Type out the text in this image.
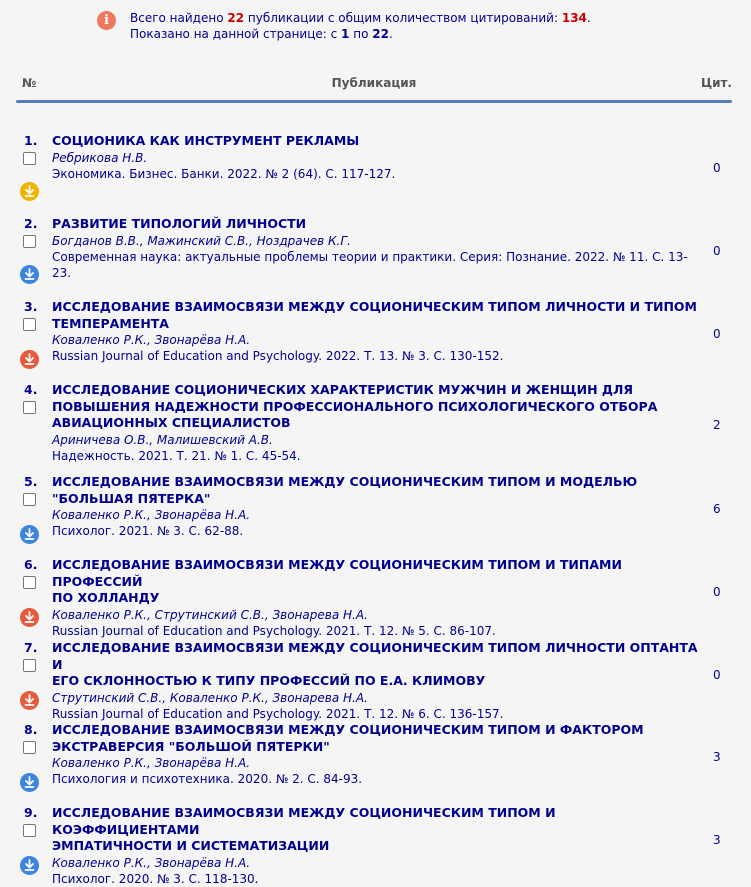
i	Всего найдено 22 публикации с общим количеством цитирований: 134.
Показано на данной странице: с 1 по 22.
№	Публикация	Цит.
1. СОЦИОНИКА КАК ИНСТРУМЕНТ РЕКЛАМЫ
Ребрикова Н.В.
Экономика. Бизнес. Банки. 2022. № 2 (64). С. 117-127.	0
2. РАЗВИТИЕ ТИПОЛОГИЙ ЛИЧНОСТИ
Богданов В.В., Мажинский С.В., Ноздрачев К.Г.
Современная наука: актуальные проблемы теории и практики. Серия: Познание. 2022. № 11. С. 13-23.
0
3. ИССЛЕДОВАНИЕ ВЗАИМОСВЯЗИ МЕЖДУ СОЦИОНИЧЕСКИМ ТИПОМ ЛИЧНОСТИ И ТИПОМ
ТЕМПЕРАМЕНТА
Коваленко Р.К., Звонарёва Н.А.
Russian Journal of Education and Psychology. 2022. Т. 13. № 3. С. 130-152.
0
4. ИССЛЕДОВАНИЕ СОЦИОНИЧЕСКИХ ХАРАКТЕРИСТИК МУЖЧИН И ЖЕНЩИН ДЛЯ
ПОВЫШЕНИЯ НАДЕЖНОСТИ ПРОФЕССИОНАЛЬНОГО ПСИХОЛОГИЧЕСКОГО ОТБОРА
АВИАЦИОННЫХ СПЕЦИАЛИСТОВ
Ариничева О.В., Малишевский А.В.
Надежность. 2021. Т. 21. № 1. С. 45-54.
2
5. ИССЛЕДОВАНИЕ ВЗАИМОСВЯЗИ МЕЖДУ СОЦИОНИЧЕСКИМ ТИПОМ И МОДЕЛЬЮ
"БОЛЬШАЯ ПЯТЕРКА"
Коваленко Р.К., Звонарёва Н.А.
Психолог. 2021. № 3. С. 62-88.
6
6. ИССЛЕДОВАНИЕ ВЗАИМОСВЯЗИ МЕЖДУ СОЦИОНИЧЕСКИМ ТИПОМ И ТИПАМИ ПРОФЕССИЙ
ПО ХОЛЛАНДУ
Коваленко Р.К., Струтинский С.В., Звонарева Н.А.
Russian Journal of Education and Psychology. 2021. Т. 12. № 5. С. 86-107.
0
7. ИССЛЕДОВАНИЕ ВЗАИМОСВЯЗИ МЕЖДУ СОЦИОНИЧЕСКИМ ТИПОМ ЛИЧНОСТИ ОПТАНТА И
ЕГО СКЛОННОСТЬЮ К ТИПУ ПРОФЕССИЙ ПО Е.А. КЛИМОВУ
Струтинский С.В., Коваленко Р.К., Звонарева Н.А.
Russian Journal of Education and Psychology. 2021. Т. 12. № 6. С. 136-157.
0
8. ИССЛЕДОВАНИЕ ВЗАИМОСВЯЗИ МЕЖДУ СОЦИОНИЧЕСКИМ ТИПОМ И ФАКТОРОМ
ЭКСТРАВЕРСИЯ "БОЛЬШОЙ ПЯТЕРКИ"
Коваленко Р.К., Звонарёва Н.А.
Психология и психотехника. 2020. № 2. С. 84-93.
3
9. ИССЛЕДОВАНИЕ ВЗАИМОСВЯЗИ МЕЖДУ СОЦИОНИЧЕСКИМ ТИПОМ И КОЭФФИЦИЕНТАМИ
ЭМПАТИЧНОСТИ И СИСТЕМАТИЗАЦИИ
Коваленко Р.К., Звонарёва Н.А.
Психолог. 2020. № 3. С. 118-130.
3
